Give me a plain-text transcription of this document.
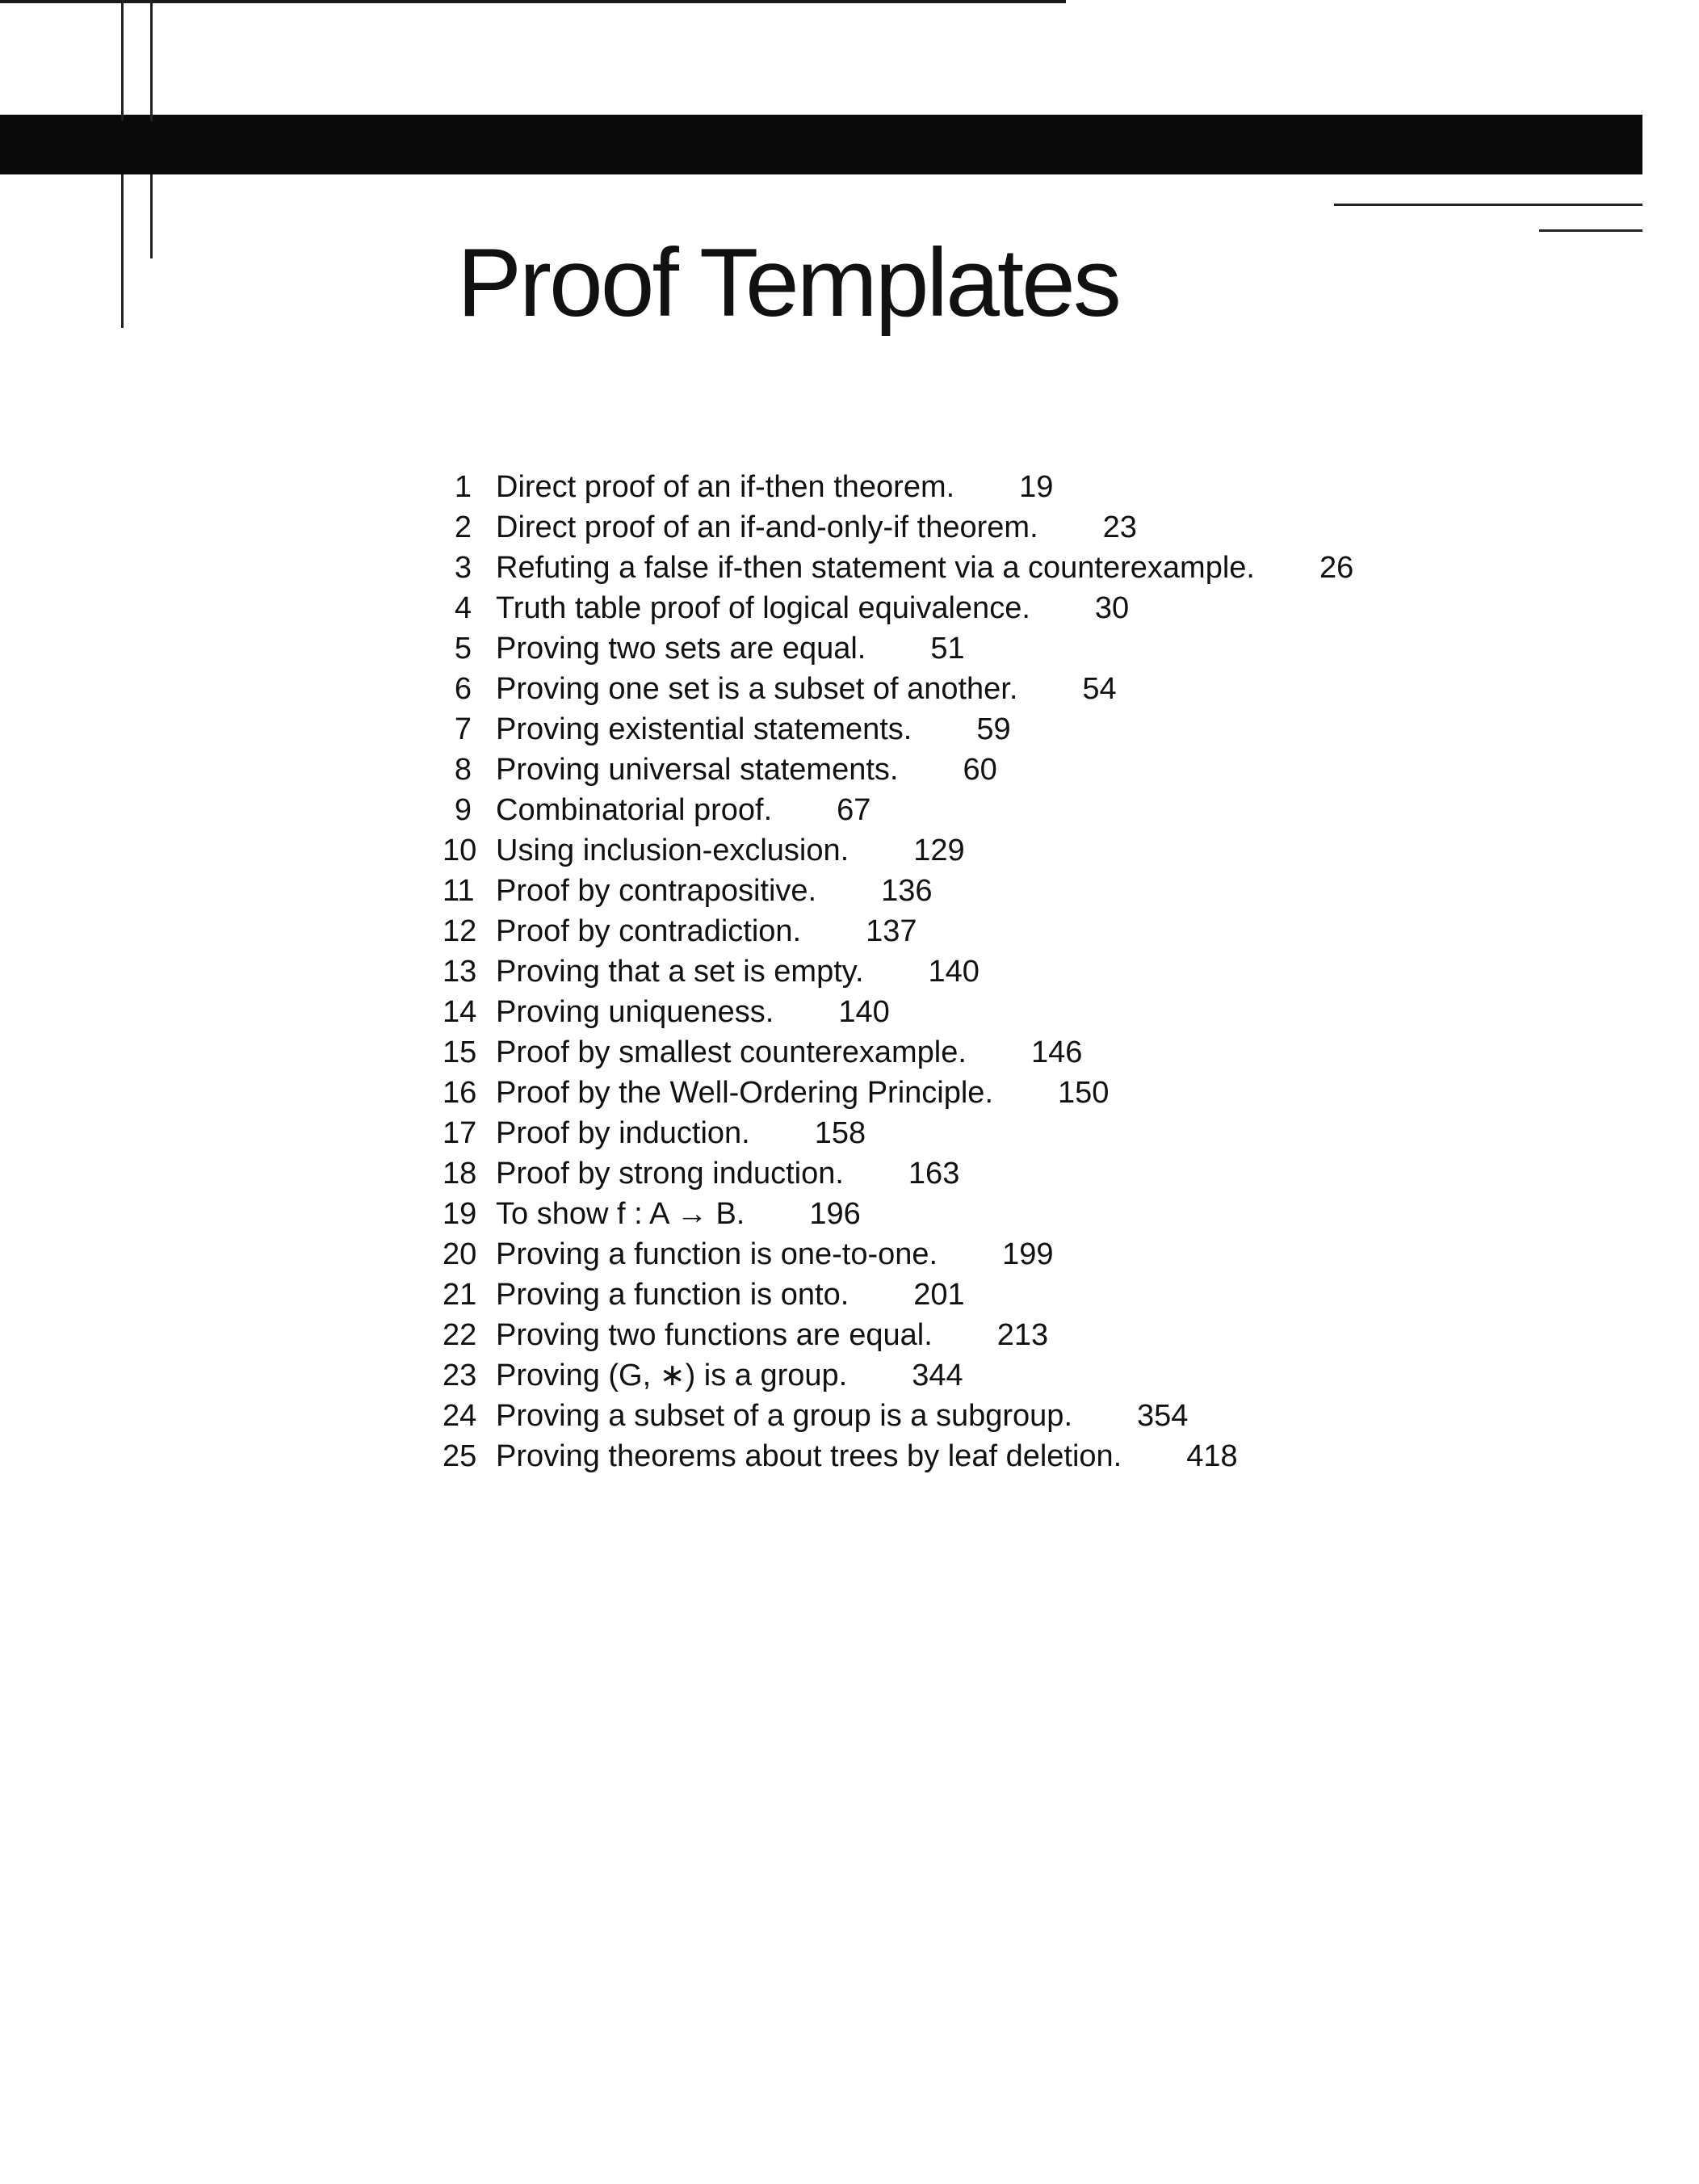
Proof Templates
1 Direct proof of an if-then theorem. 19
2 Direct proof of an if-and-only-if theorem. 23
3 Refuting a false if-then statement via a counterexample. 26
4 Truth table proof of logical equivalence. 30
5 Proving two sets are equal. 51
6 Proving one set is a subset of another. 54
7 Proving existential statements. 59
8 Proving universal statements. 60
9 Combinatorial proof. 67
10 Using inclusion-exclusion. 129
11 Proof by contrapositive. 136
12 Proof by contradiction. 137
13 Proving that a set is empty. 140
14 Proving uniqueness. 140
15 Proof by smallest counterexample. 146
16 Proof by the Well-Ordering Principle. 150
17 Proof by induction. 158
18 Proof by strong induction. 163
19 To show f : A → B. 196
20 Proving a function is one-to-one. 199
21 Proving a function is onto. 201
22 Proving two functions are equal. 213
23 Proving (G, ∗) is a group. 344
24 Proving a subset of a group is a subgroup. 354
25 Proving theorems about trees by leaf deletion. 418
